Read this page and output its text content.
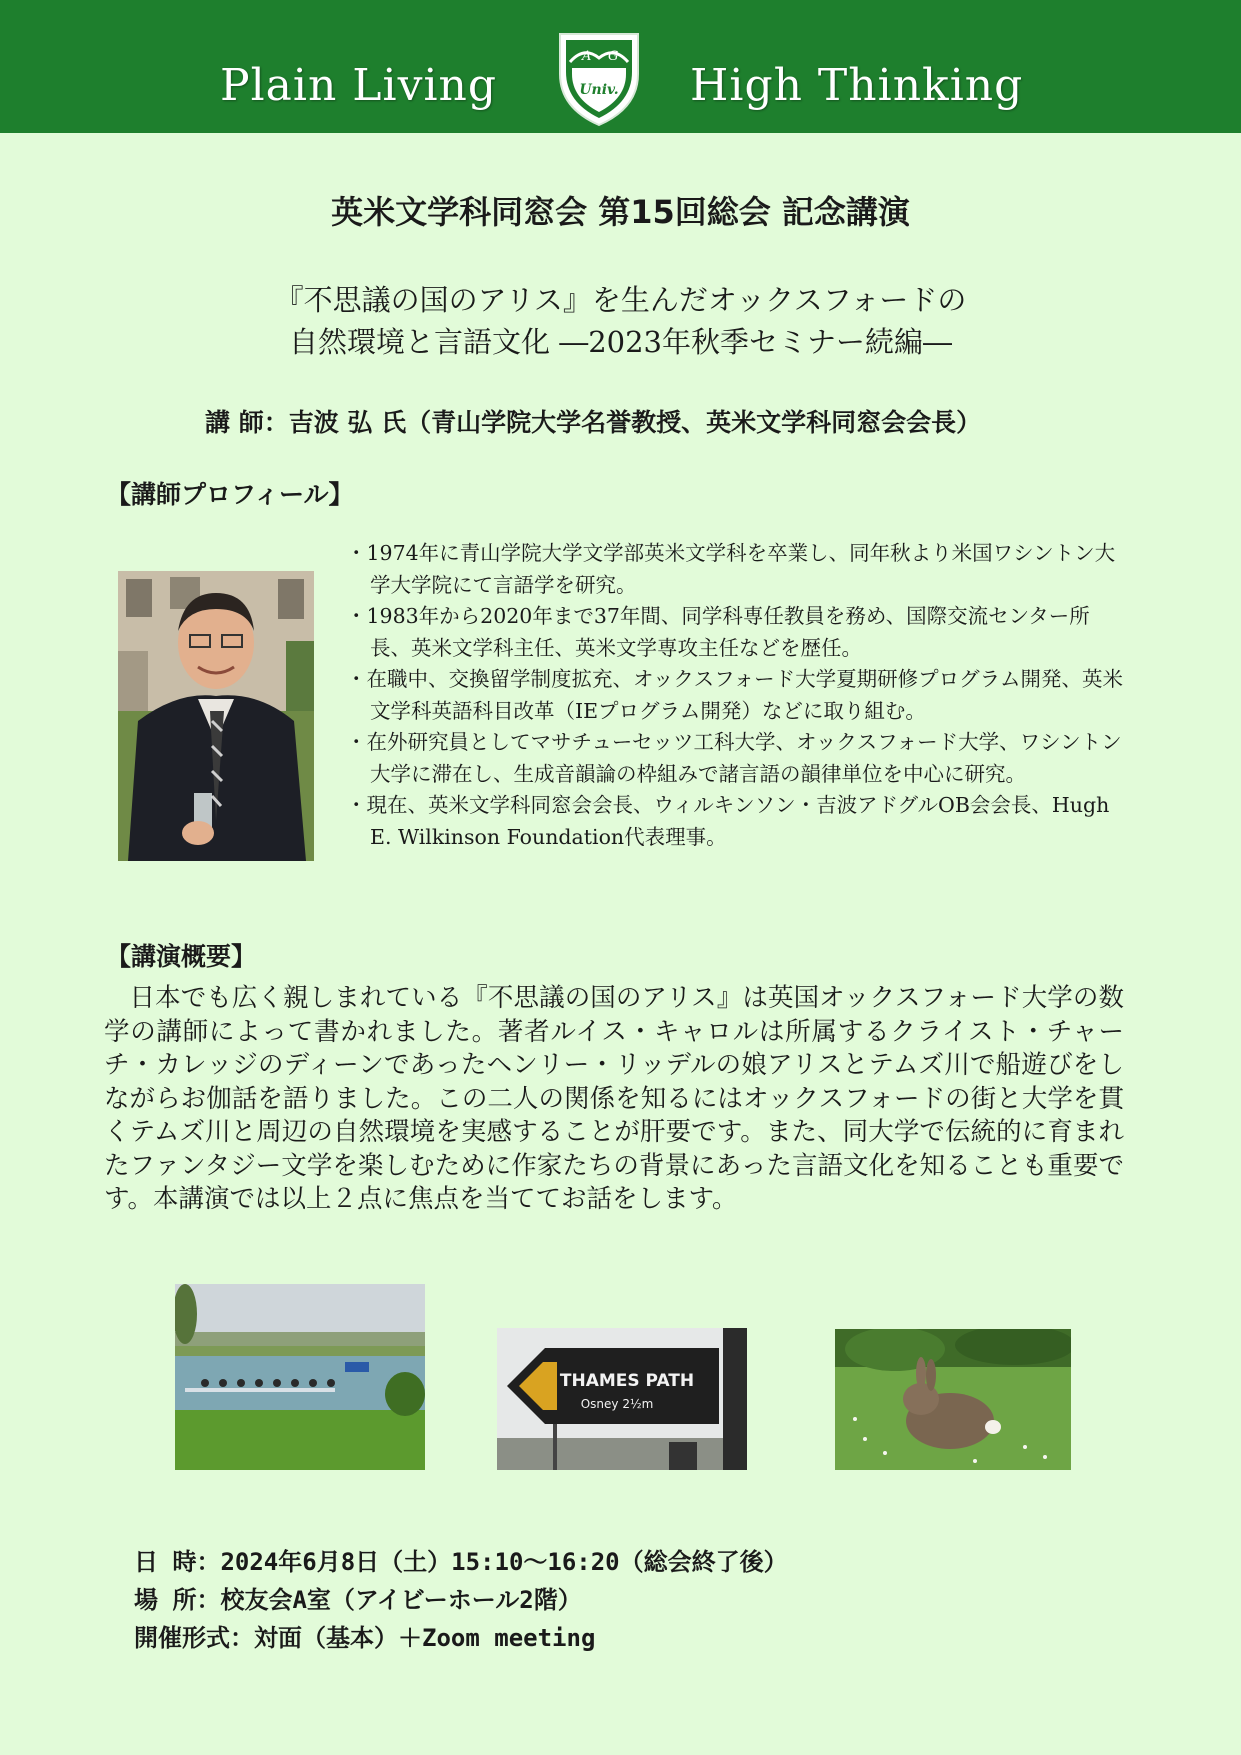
Plain Living
A G
Univ. High Thinking
英米文学科同窓会 第15回総会 記念講演
『不思議の国のアリス』を生んだオックスフォードの
自然環境と言語文化 ―2023年秋季セミナー続編―
講 師：吉波 弘 氏（青山学院大学名誉教授、英米文学科同窓会会長）
【講師プロフィール】
・1974年に青山学院大学文学部英米文学科を卒業し、同年秋より米国ワシントン大学大学院にて言語学を研究。
・1983年から2020年まで37年間、同学科専任教員を務め、国際交流センター所長、英米文学科主任、英米文学専攻主任などを歴任。
・在職中、交換留学制度拡充、オックスフォード大学夏期研修プログラム開発、英米文学科英語科目改革（IEプログラム開発）などに取り組む。
・在外研究員としてマサチューセッツ工科大学、オックスフォード大学、ワシントン大学に滞在し、生成音韻論の枠組みで諸言語の韻律単位を中心に研究。
・現在、英米文学科同窓会会長、ウィルキンソン・吉波アドグルOB会会長、Hugh E. Wilkinson Foundation代表理事。
【講演概要】

日本でも広く親しまれている『不思議の国のアリス』は英国オックスフォード大学の数学の講師によって書かれました。著者ルイス・キャロルは所属するクライスト・チャーチ・カレッジのディーンであったヘンリー・リッデルの娘アリスとテムズ川で船遊びをしながらお伽話を語りました。この二人の関係を知るにはオックスフォードの街と大学を貫くテムズ川と周辺の自然環境を実感することが肝要です。また、同大学で伝統的に育まれたファンタジー文学を楽しむために作家たちの背景にあった言語文化を知ることも重要です。本講演では以上２点に焦点を当ててお話をします。

THAMES PATH
Osney 2½m
日 時：2024年6月8日（土）15:10～16:20（総会終了後）
場 所：校友会A室（アイビーホール2階）
開催形式：対面（基本）＋Zoom meeting
